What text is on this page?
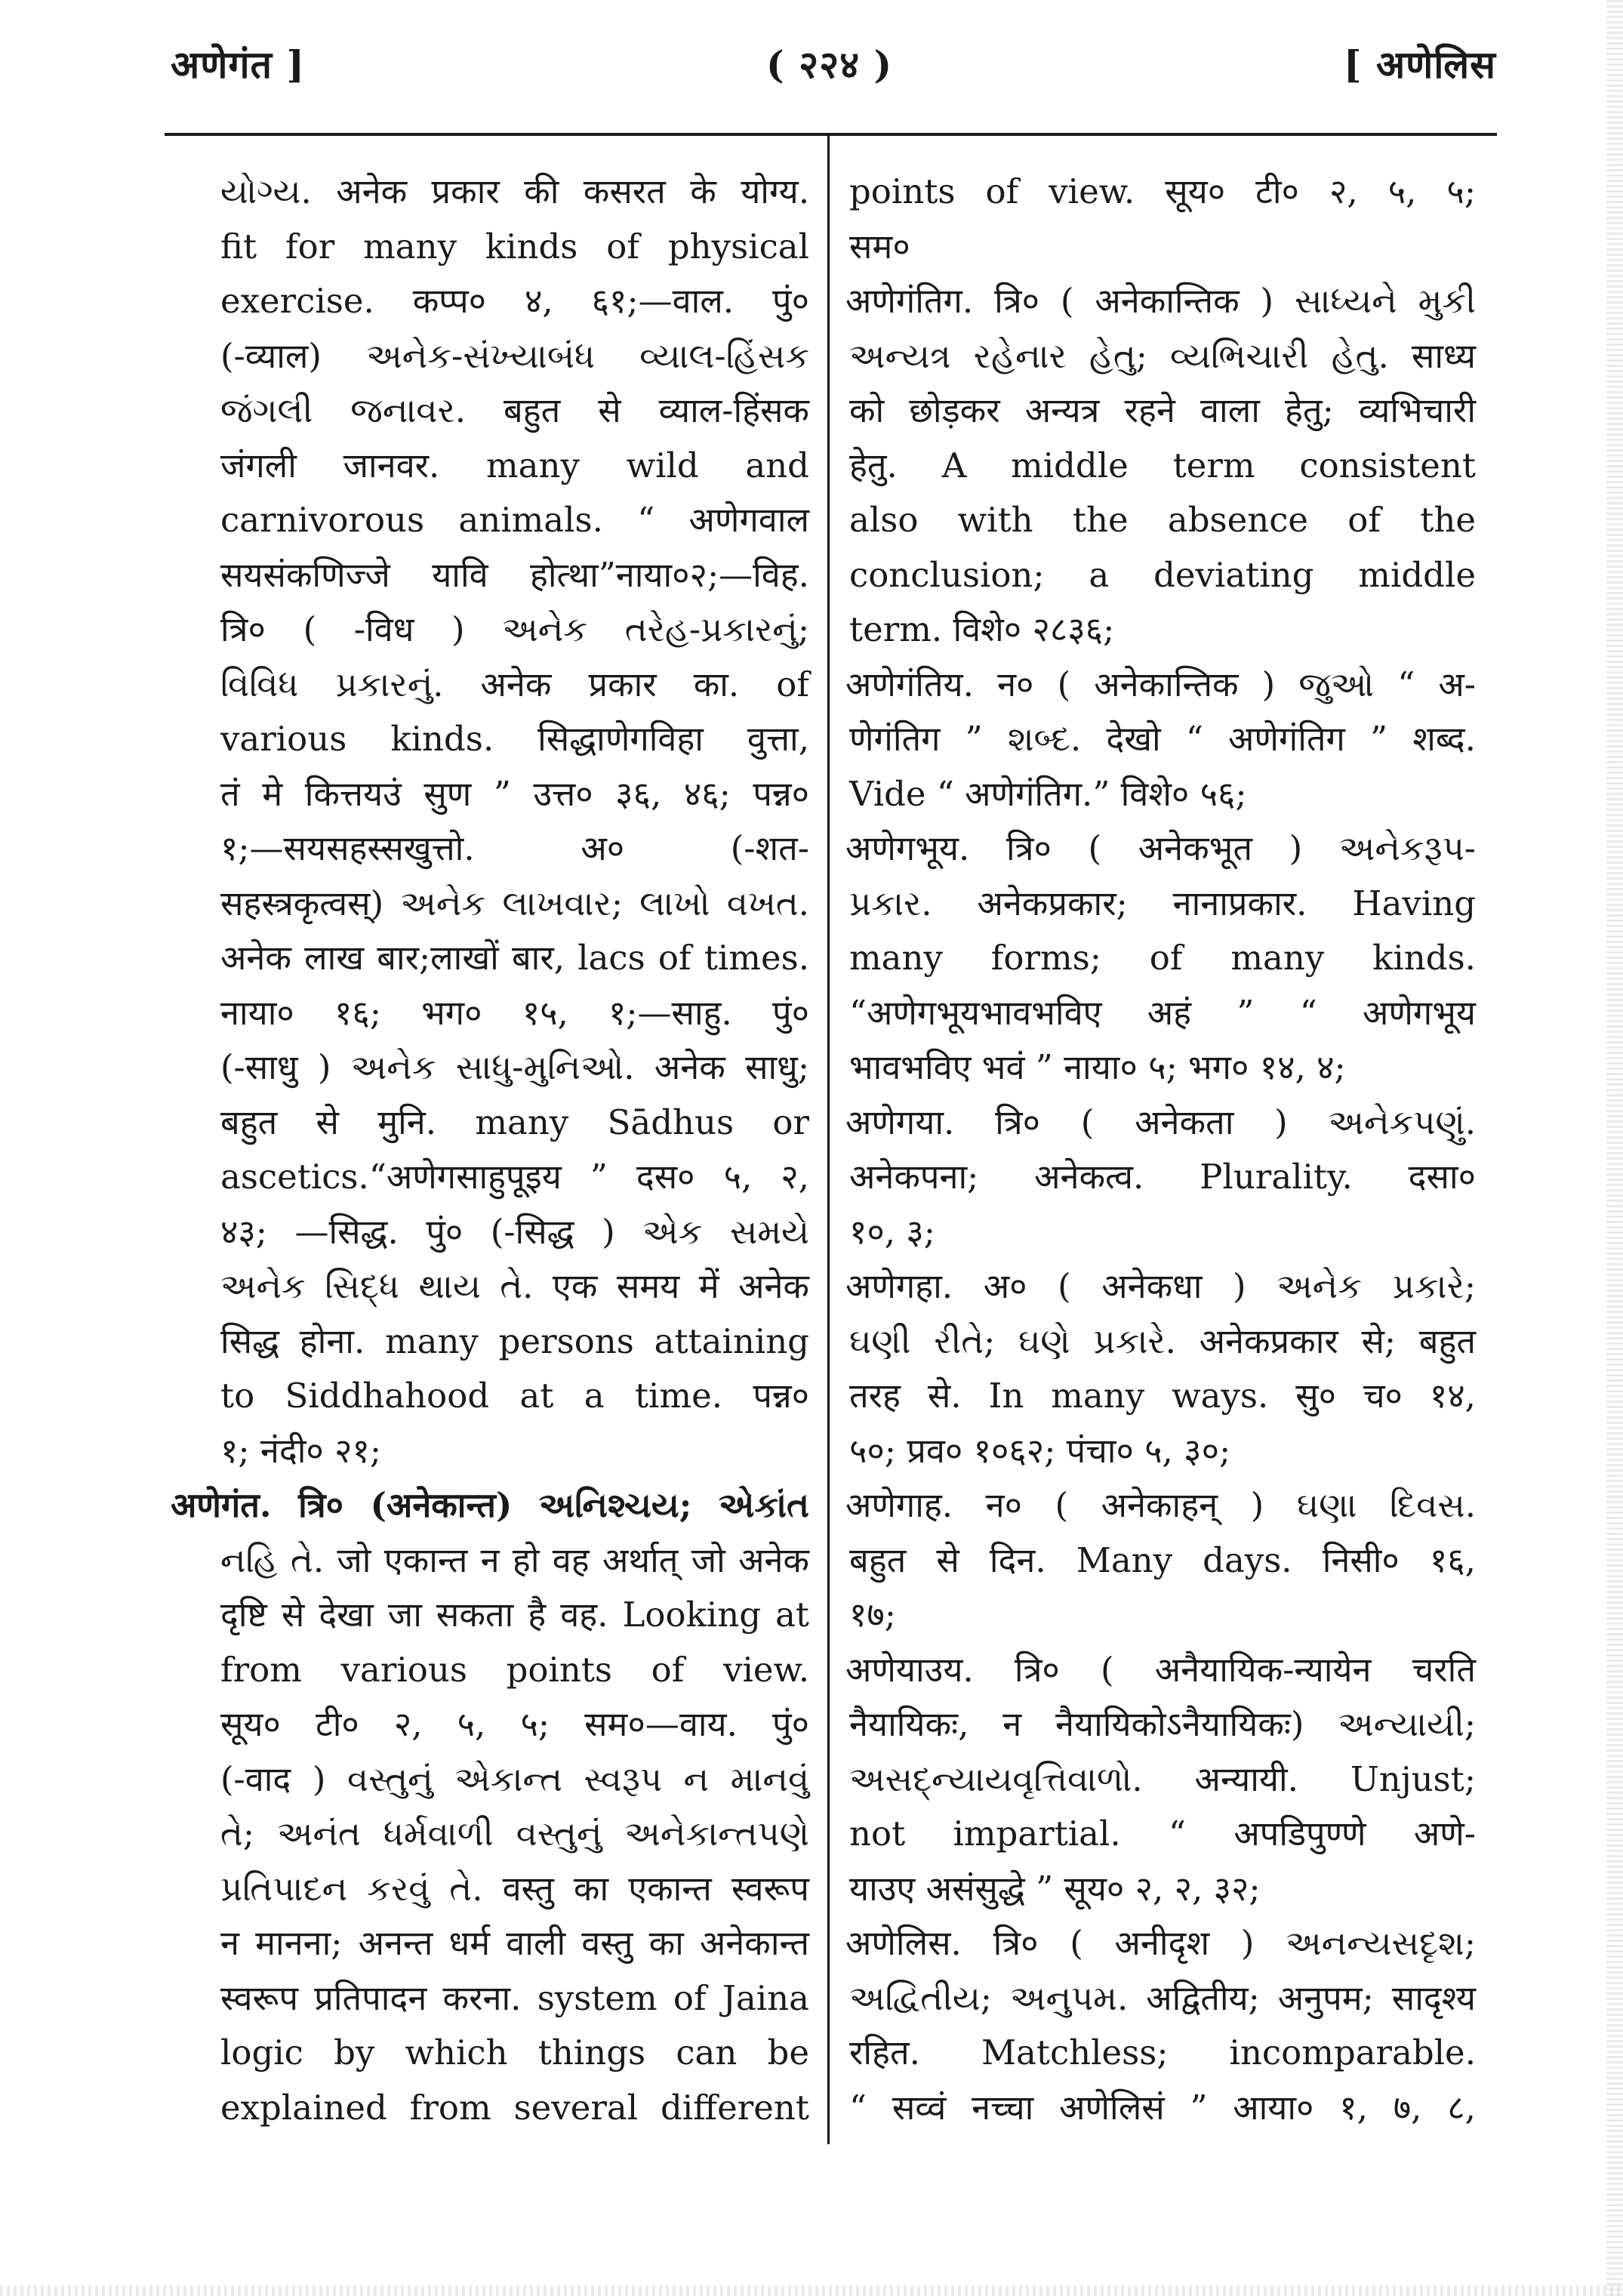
अणेगंत ]	( २२४ )	[ अणेलिस
યોગ્ય. अनेक प्रकार की कसरत के योग्य.
fit for many kinds of physical
exercise. कप्प० ४, ६१;—वाल. पुं०
(-व्याल) અનેક-સંખ્યાબંધ વ્યાલ-હિંસક
જંગલી જનાવર. बहुत से व्याल-हिंसक
जंगली जानवर. many wild and
carnivorous animals. “ अणेगवाल
सयसंकणिज्जे यावि होत्था”नाया०२;—विह.
त्रि० ( -विध ) અનેક તરેહ-પ્રકારનું;
વિવિધ પ્રકારનું. अनेक प्रकार का. of
various kinds. सिद्धाणेगविहा वुत्ता,
तं मे कित्तयउं सुण ” उत्त० ३६, ४६; पन्न०
१;—सयसहस्सखुत्तो. अ० (-शत-
सहस्त्रकृत्वस्) અનેક લાખવાર; લાખો વખત.
अनेक लाख बार;लाखों बार, lacs of times.
नाया० १६; भग० १५, १;—साहु. पुं०
(-साधु ) અનેક સાધુ-મુનિઓ. अनेक साधु;
बहुत से मुनि. many Sādhus or
ascetics.“अणेगसाहुपूइय ” दस० ५, २,
४३; —सिद्ध. पुं० (-सिद्ध ) એક સમયે
અનેક સિદ્ધ થાય તે. एक समय में अनेक
सिद्ध होना. many persons attaining
to Siddhahood at a time. पन्न०
१; नंदी० २१;
अणेगंत. त्रि० (अनेकान्त) અનિશ્ચય; એકાંત
નહિ તે. जो एकान्त न हो वह अर्थात् जो अनेक
दृष्टि से देखा जा सकता है वह. Looking at
from various points of view.
सूय० टी० २, ५, ५; सम०—वाय. पुं०
(-वाद ) વસ્તુનું એકાન્ત સ્વરૂપ ન માનવું
તે; અનંત ધર્મવાળી વસ્તુનું અનેકાન્તપણે
પ્રતિપાદન કરવું તે. वस्तु का एकान्त स्वरूप
न मानना; अनन्त धर्म वाली वस्तु का अनेकान्त
स्वरूप प्रतिपादन करना. system of Jaina
logic by which things can be
explained from several different
points of view. सूय० टी० २, ५, ५;
सम०
अणेगंतिग. त्रि० ( अनेकान्तिक ) સાધ્યને મુકી
અન્યત્ર રહેનાર હેતુ; વ્યભિચારી હેતુ. साध्य
को छोड़कर अन्यत्र रहने वाला हेतु; व्यभिचारी
हेतु. A middle term consistent
also with the absence of the
conclusion; a deviating middle
term. विशे० २८३६;
अणेगंतिय. न० ( अनेकान्तिक ) જુઓ “ अ-
णेगंतिग ” શબ્દ. देखो “ अणेगंतिग ” शब्द.
Vide “ अणेगंतिग.” विशे० ५६;
अणेगभूय. त्रि० ( अनेकभूत ) અનેકરૂપ-
પ્રકાર. अनेकप्रकार; नानाप्रकार. Having
many forms; of many kinds.
“अणेगभूयभावभविए अहं ” “ अणेगभूय
भावभविए भवं ” नाया० ५; भग० १४, ४;
अणेगया. त्रि० ( अनेकता ) અનેકપણું.
अनेकपना; अनेकत्व. Plurality. दसा०
१०, ३;
अणेगहा. अ० ( अनेकधा ) અનેક પ્રકારે;
ઘણી રીતે; ઘણે પ્રકારે. अनेकप्रकार से; बहुत
तरह से. In many ways. सु० च० १४,
५०; प्रव० १०६२; पंचा० ५, ३०;
अणेगाह. न० ( अनेकाहन् ) ઘણા દિવસ.
बहुत से दिन. Many days. निसी० १६,
१७;
अणेयाउय. त्रि० ( अनैयायिक-न्यायेन चरति
नैयायिकः, न नैयायिकोऽनैयायिकः) અન્યાયી;
અસદ્‌ન્યાયવૃત્તિવાળો. अन्यायी. Unjust;
not impartial. “ अपडिपुण्णे अणे-
याउए असंसुद्धे ” सूय० २, २, ३२;
अणेलिस. त्रि० ( अनीदृश ) અનન્યસદૃશ;
અદ્વિતીય; અનુપમ. अद्वितीय; अनुपम; सादृश्य
रहित. Matchless; incomparable.
“ सव्वं नच्चा अणेलिसं ” आया० १, ७, ८,
